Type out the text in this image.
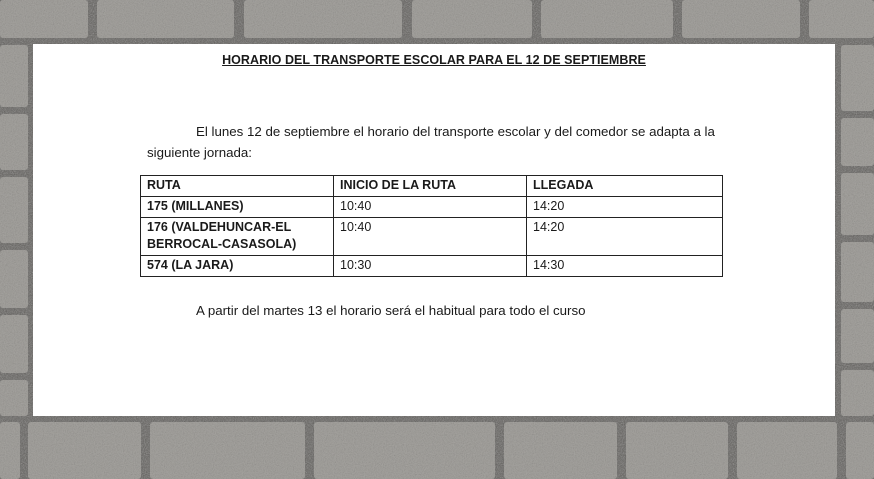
HORARIO DEL TRANSPORTE ESCOLAR PARA EL 12 DE SEPTIEMBRE
El lunes 12 de septiembre el horario del transporte escolar y del comedor se adapta a la siguiente jornada:
RUTA	INICIO DE LA RUTA	LLEGADA
175 (MILLANES)	10:40	14:20
176 (VALDEHUNCAR-EL BERROCAL-CASASOLA)	10:40	14:20
574 (LA JARA)	10:30	14:30
A partir del martes 13 el horario será el habitual para todo el curso
